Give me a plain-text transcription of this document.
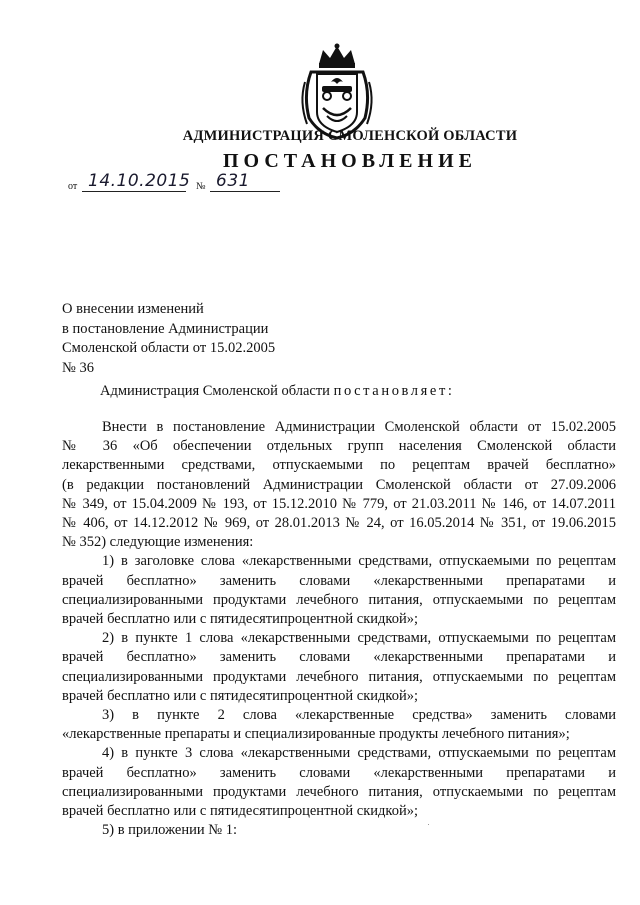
АДМИНИСТРАЦИЯ СМОЛЕНСКОЙ ОБЛАСТИ
ПОСТАНОВЛЕНИЕ
от 14.10.2015 № 631
О внесении изменений
в постановление Администрации
Смоленской области от 15.02.2005
№ 36
Администрация Смоленской области постановляет:

Внести в постановление Администрации Смоленской области от 15.02.2005

№ 36 «Об обеспечении отдельных групп населения Смоленской области

лекарственными средствами, отпускаемыми по рецептам врачей бесплатно»

(в редакции постановлений Администрации Смоленской области от 27.09.2006

№ 349, от 15.04.2009 № 193, от 15.12.2010 № 779, от 21.03.2011 № 146, от 14.07.2011

№ 406, от 14.12.2012 № 969, от 28.01.2013 № 24, от 16.05.2014 № 351, от 19.06.2015

№ 352) следующие изменения:

1) в заголовке слова «лекарственными средствами, отпускаемыми по рецептам

врачей бесплатно» заменить словами «лекарственными препаратами и

специализированными продуктами лечебного питания, отпускаемыми по рецептам

врачей бесплатно или с пятидесятипроцентной скидкой»;

2) в пункте 1 слова «лекарственными средствами, отпускаемыми по рецептам

врачей бесплатно» заменить словами «лекарственными препаратами и

специализированными продуктами лечебного питания, отпускаемыми по рецептам

врачей бесплатно или с пятидесятипроцентной скидкой»;

3) в пункте 2 слова «лекарственные средства» заменить словами

«лекарственные препараты и специализированные продукты лечебного питания»;

4) в пункте 3 слова «лекарственными средствами, отпускаемыми по рецептам

врачей бесплатно» заменить словами «лекарственными препаратами и

специализированными продуктами лечебного питания, отпускаемыми по рецептам

врачей бесплатно или с пятидесятипроцентной скидкой»;

5) в приложении № 1:
